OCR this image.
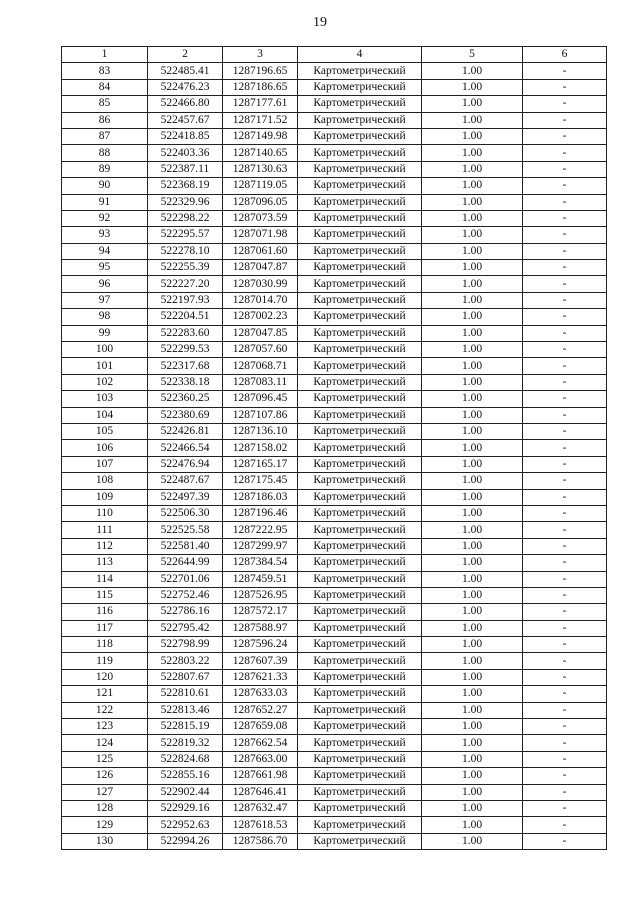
19
1	2	3	4	5	6
83	522485.41	1287196.65	Картометрический	1.00	-
84	522476.23	1287186.65	Картометрический	1.00	-
85	522466.80	1287177.61	Картометрический	1.00	-
86	522457.67	1287171.52	Картометрический	1.00	-
87	522418.85	1287149.98	Картометрический	1.00	-
88	522403.36	1287140.65	Картометрический	1.00	-
89	522387.11	1287130.63	Картометрический	1.00	-
90	522368.19	1287119.05	Картометрический	1.00	-
91	522329.96	1287096.05	Картометрический	1.00	-
92	522298.22	1287073.59	Картометрический	1.00	-
93	522295.57	1287071.98	Картометрический	1.00	-
94	522278.10	1287061.60	Картометрический	1.00	-
95	522255.39	1287047.87	Картометрический	1.00	-
96	522227.20	1287030.99	Картометрический	1.00	-
97	522197.93	1287014.70	Картометрический	1.00	-
98	522204.51	1287002.23	Картометрический	1.00	-
99	522283.60	1287047.85	Картометрический	1.00	-
100	522299.53	1287057.60	Картометрический	1.00	-
101	522317.68	1287068.71	Картометрический	1.00	-
102	522338.18	1287083.11	Картометрический	1.00	-
103	522360.25	1287096.45	Картометрический	1.00	-
104	522380.69	1287107.86	Картометрический	1.00	-
105	522426.81	1287136.10	Картометрический	1.00	-
106	522466.54	1287158.02	Картометрический	1.00	-
107	522476.94	1287165.17	Картометрический	1.00	-
108	522487.67	1287175.45	Картометрический	1.00	-
109	522497.39	1287186.03	Картометрический	1.00	-
110	522506.30	1287196.46	Картометрический	1.00	-
111	522525.58	1287222.95	Картометрический	1.00	-
112	522581.40	1287299.97	Картометрический	1.00	-
113	522644.99	1287384.54	Картометрический	1.00	-
114	522701.06	1287459.51	Картометрический	1.00	-
115	522752.46	1287526.95	Картометрический	1.00	-
116	522786.16	1287572.17	Картометрический	1.00	-
117	522795.42	1287588.97	Картометрический	1.00	-
118	522798.99	1287596.24	Картометрический	1.00	-
119	522803.22	1287607.39	Картометрический	1.00	-
120	522807.67	1287621.33	Картометрический	1.00	-
121	522810.61	1287633.03	Картометрический	1.00	-
122	522813.46	1287652.27	Картометрический	1.00	-
123	522815.19	1287659.08	Картометрический	1.00	-
124	522819.32	1287662.54	Картометрический	1.00	-
125	522824.68	1287663.00	Картометрический	1.00	-
126	522855.16	1287661.98	Картометрический	1.00	-
127	522902.44	1287646.41	Картометрический	1.00	-
128	522929.16	1287632.47	Картометрический	1.00	-
129	522952.63	1287618.53	Картометрический	1.00	-
130	522994.26	1287586.70	Картометрический	1.00	-
